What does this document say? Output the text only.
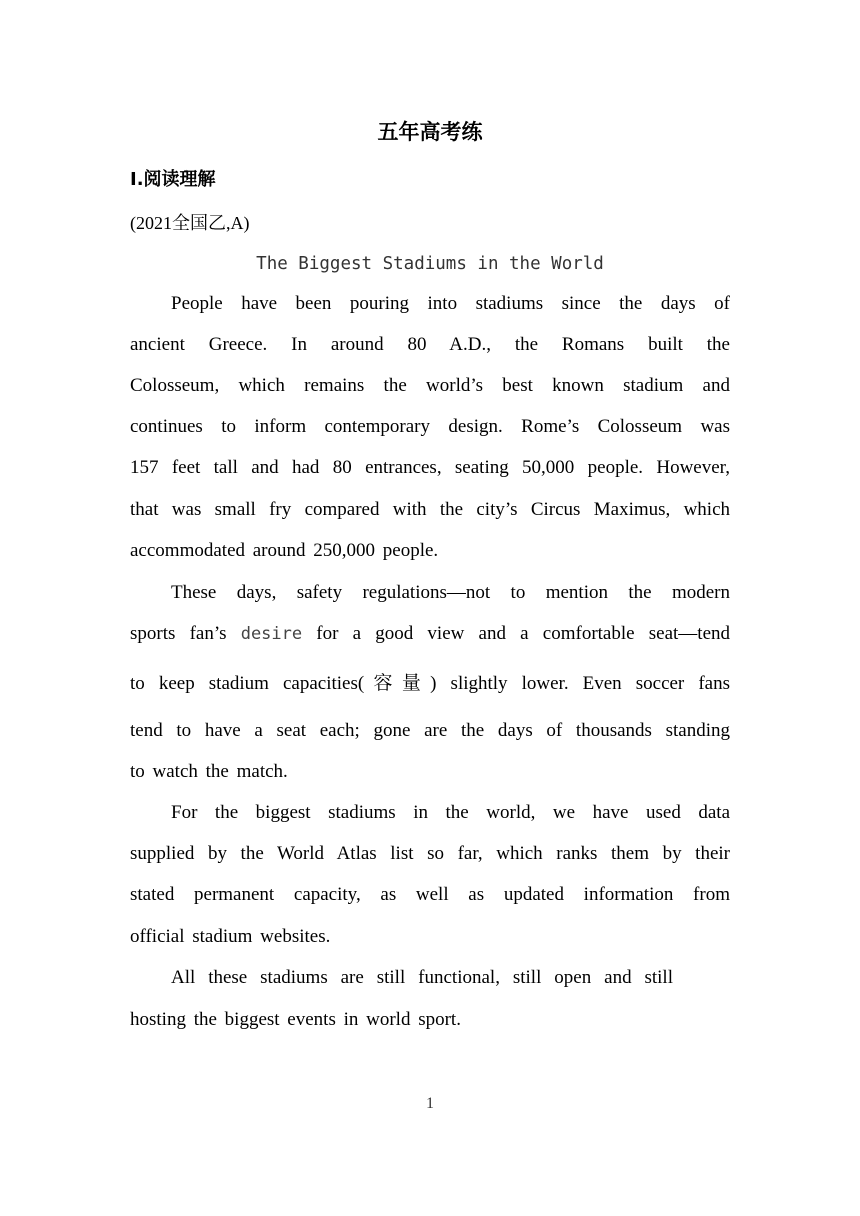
五年高考练
Ⅰ.阅读理解
(2021全国乙,A)
The Biggest Stadiums in the World
People have been pouring into stadiums since the days of
ancient Greece. In around 80 A.D., the Romans built the
Colosseum, which remains the world’s best known stadium and
continues to inform contemporary design. Rome’s Colosseum was
157 feet tall and had 80 entrances, seating 50,000 people. However,
that was small fry compared with the city’s Circus Maximus, which
accommodated around 250,000 people.
These days, safety regulations—not to mention the modern
sports fan’s desire for a good view and a comfortable seat—tend
to keep stadium capacities(容量) slightly lower. Even soccer fans
tend to have a seat each; gone are the days of thousands standing
to watch the match.
For the biggest stadiums in the world, we have used data
supplied by the World Atlas list so far, which ranks them by their
stated permanent capacity, as well as updated information from
official stadium websites.
All these stadiums are still functional, still open and still
hosting the biggest events in world sport.
1
